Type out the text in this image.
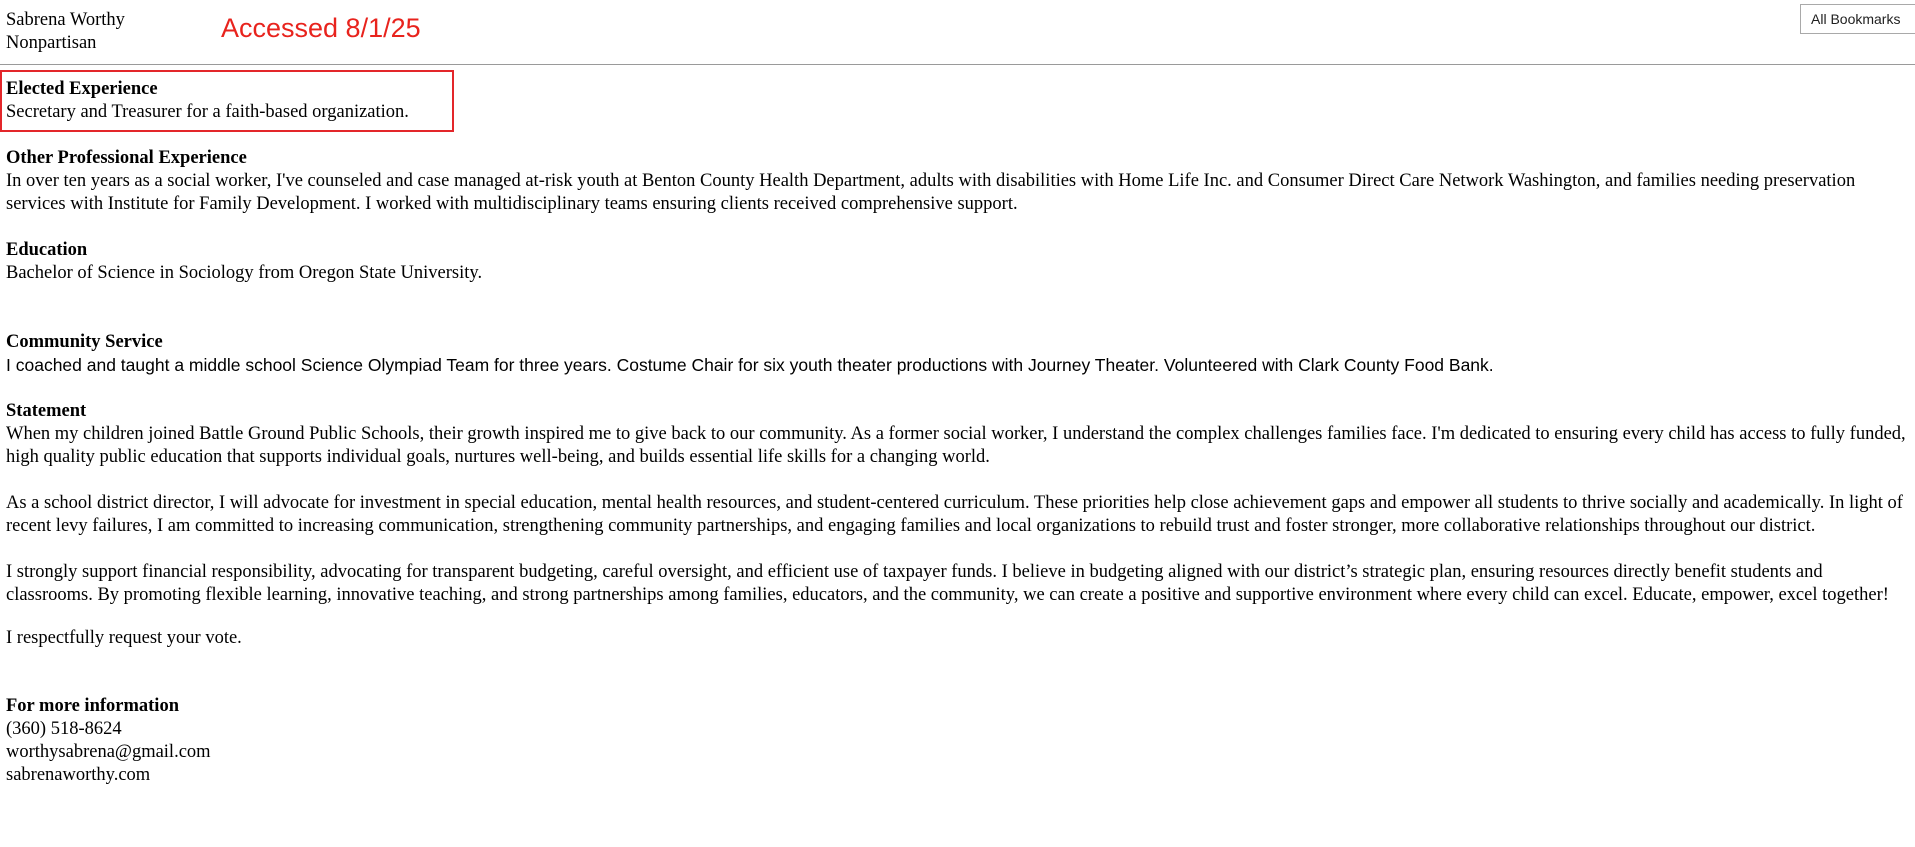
Sabrena Worthy
Nonpartisan	Accessed 8/1/25	All Bookmarks
Elected Experience

Secretary and Treasurer for a faith-based organization.

Other Professional Experience

In over ten years as a social worker, I've counseled and case managed at-risk youth at Benton County Health Department, adults with disabilities with Home Life Inc. and Consumer Direct Care Network Washington, and families needing preservation services with Institute for Family Development. I worked with multidisciplinary teams ensuring clients received comprehensive support.

Education

Bachelor of Science in Sociology from Oregon State University.

Community Service

I coached and taught a middle school Science Olympiad Team for three years. Costume Chair for six youth theater productions with Journey Theater. Volunteered with Clark County Food Bank.

Statement

When my children joined Battle Ground Public Schools, their growth inspired me to give back to our community. As a former social worker, I understand the complex challenges families face. I'm dedicated to ensuring every child has access to fully funded, high quality public education that supports individual goals, nurtures well-being, and builds essential life skills for a changing world.

As a school district director, I will advocate for investment in special education, mental health resources, and student-centered curriculum. These priorities help close achievement gaps and empower all students to thrive socially and academically. In light of recent levy failures, I am committed to increasing communication, strengthening community partnerships, and engaging families and local organizations to rebuild trust and foster stronger, more collaborative relationships throughout our district.

I strongly support financial responsibility, advocating for transparent budgeting, careful oversight, and efficient use of taxpayer funds. I believe in budgeting aligned with our district’s strategic plan, ensuring resources directly benefit students and classrooms. By promoting flexible learning, innovative teaching, and strong partnerships among families, educators, and the community, we can create a positive and supportive environment where every child can excel. Educate, empower, excel together!

I respectfully request your vote.

For more information
(360) 518-8624
worthysabrena@gmail.com
sabrenaworthy.com
